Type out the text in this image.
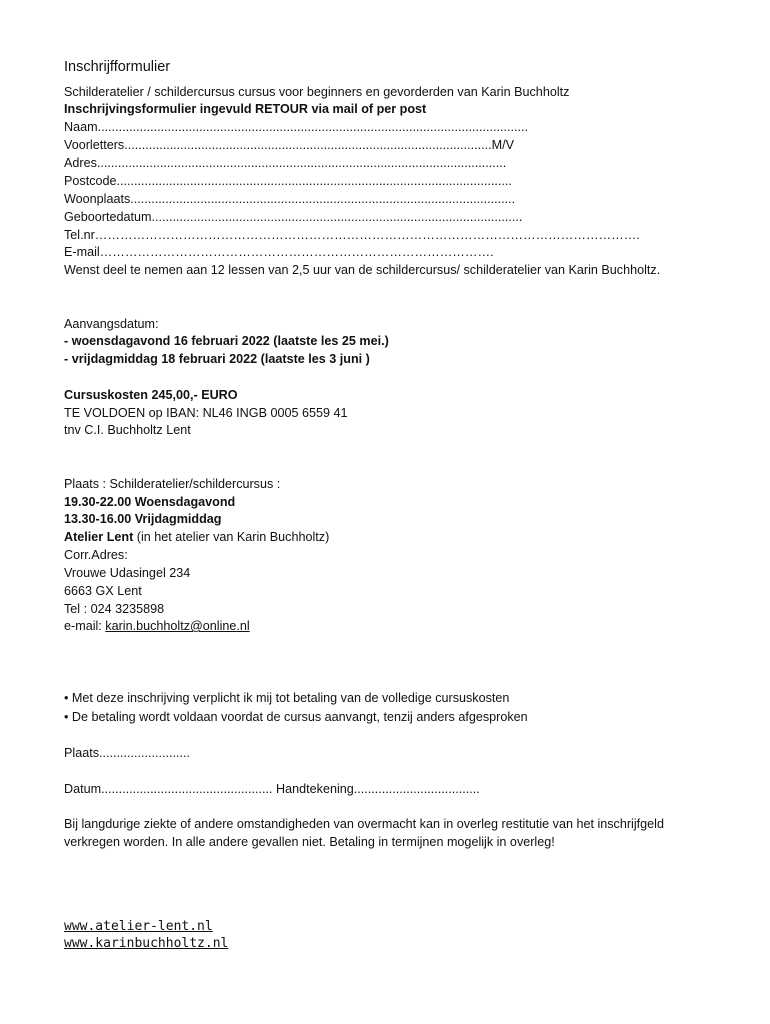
Inschrijfformulier
Schilderatelier / schildercursus cursus voor beginners en gevorderden van Karin Buchholtz
Inschrijvingsformulier ingevuld RETOUR via mail of per post
Naam...........................................................................................................................
Voorletters.........................................................................................................M/V
Adres.....................................................................................................................
Postcode.................................................................................................................
Woonplaats..............................................................................................................
Geboortedatum..........................................................................................................
Tel.nr………………………………………………………………………………………………………………….
E-mail………………………………………………………………………………….
Wenst deel te nemen aan 12 lessen van 2,5 uur van de schildercursus/ schilderatelier van Karin Buchholtz.
Aanvangsdatum:
- woensdagavond 16 februari 2022 (laatste les 25 mei.)
- vrijdagmiddag 18 februari 2022 (laatste les 3 juni )
Cursuskosten 245,00,- EURO
TE VOLDOEN op IBAN: NL46 INGB 0005 6559 41
tnv C.I. Buchholtz Lent
Plaats : Schilderatelier/schildercursus :
19.30-22.00 Woensdagavond
13.30-16.00 Vrijdagmiddag
Atelier Lent (in het atelier van Karin Buchholtz)
Corr.Adres:
Vrouwe Udasingel 234
6663 GX Lent
Tel : 024 3235898
e-mail: karin.buchholtz@online.nl
• Met deze inschrijving verplicht ik mij tot betaling van de volledige cursuskosten
• De betaling wordt voldaan voordat de cursus aanvangt, tenzij anders afgesproken
Plaats..........................
Datum................................................. Handtekening....................................
Bij langdurige ziekte of andere omstandigheden van overmacht kan in overleg restitutie van het inschrijfgeld verkregen worden. In alle andere gevallen niet. Betaling in termijnen mogelijk in overleg!
www.atelier-lent.nl
www.karinbuchholtz.nl
